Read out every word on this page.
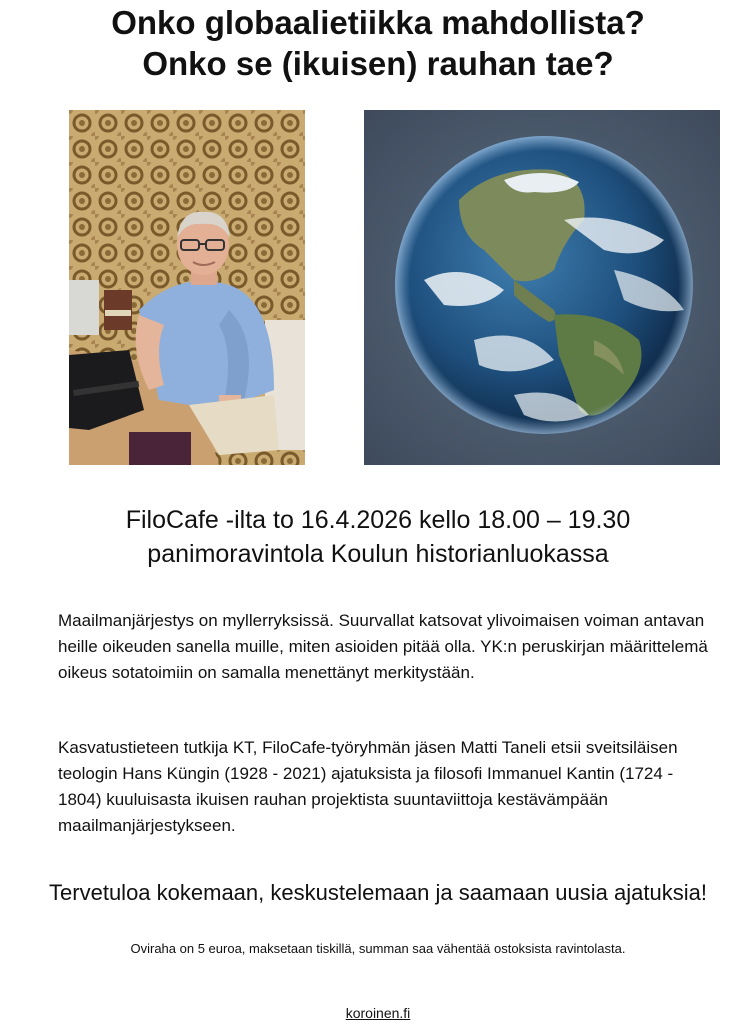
Onko globaalietiikka mahdollista?
Onko se (ikuisen) rauhan tae?
FiloCafe -ilta to 16.4.2026 kello 18.00 – 19.30
panimoravintola Koulun historianluokassa
Maailmanjärjestys on myllerryksissä. Suurvallat katsovat ylivoimaisen voiman antavan heille oikeuden sanella muille, miten asioiden pitää olla. YK:n peruskirjan määrittelemä oikeus sotatoimiin on samalla menettänyt merkitystään.
Kasvatustieteen tutkija KT, FiloCafe-työryhmän jäsen Matti Taneli etsii sveitsiläisen teologin Hans Küngin (1928 - 2021) ajatuksista ja filosofi Immanuel Kantin (1724 - 1804) kuuluisasta ikuisen rauhan projektista suuntaviittoja kestävämpään maailmanjärjestykseen.
Tervetuloa kokemaan, keskustelemaan ja saamaan uusia ajatuksia!
Oviraha on 5 euroa, maksetaan tiskillä, summan saa vähentää ostoksista ravintolasta.
koroinen.fi
